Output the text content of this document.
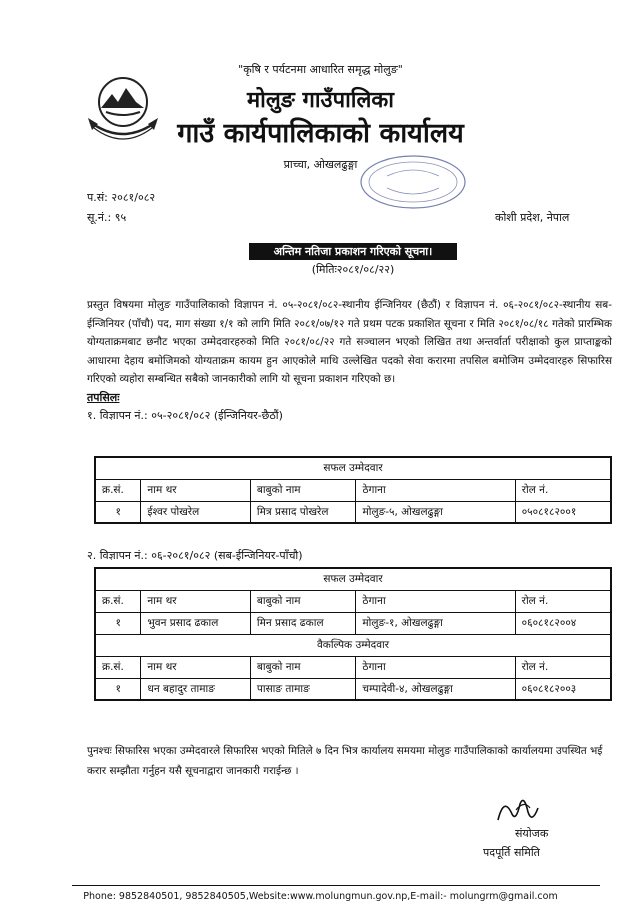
"कृषि र पर्यटनमा आधारित समृद्ध मोलुङ"
मोलुङ गाउँपालिका
गाउँ कार्यपालिकाको कार्यालय
प्राच्चा, ओखलढुङ्गा
प.सं: २०८१/०८२
सू.नं.: ९५	कोशी प्रदेश, नेपाल
अन्तिम नतिजा प्रकाशन गरिएको सूचना।
(मितिः२०८१/०८/२२)
प्रस्तुत विषयमा मोलुङ गाउँपालिकाको विज्ञापन नं. ०५-२०८१/०८२-स्थानीय ईन्जिनियर (छैठौं) र विज्ञापन नं. ०६-२०८१/०८२-स्थानीय सब-ईन्जिनियर (पाँचौ) पद, माग संख्या १/१ को लागि मिति २०८१/०७/१२ गते प्रथम पटक प्रकाशित सूचना र मिति २०८१/०८/१८ गतेको प्रारम्भिक योग्यताक्रमबाट छनौट भएका उम्मेदवारहरुको मिति २०८१/०८/२२ गते सञ्चालन भएको लिखित तथा अन्तर्वार्ता परीक्षाको कुल प्राप्ताङ्कको आधारमा देहाय बमोजिमको योग्यताक्रम कायम हुन आएकोले माथि उल्लेखित पदको सेवा करारमा तपसिल बमोजिम उम्मेदवारहरु सिफारिस गरिएको व्यहोरा सम्बन्धित सबैको जानकारीको लागि यो सूचना प्रकाशन गरिएको छ।
तपसिलः
१. विज्ञापन नं.: ०५-२०८१/०८२ (ईन्जिनियर-छैठौं)
सफल उम्मेदवार				
क्र.सं.	नाम थर	बाबुको नाम	ठेगाना	रोल नं.
१	ईश्वर पोखरेल	मित्र प्रसाद पोखरेल	मोलुङ-५, ओखलढुङ्गा	०५०८१८२००१
२. विज्ञापन नं.: ०६-२०८१/०८२ (सब-ईन्जिनियर-पाँचौ)
सफल उम्मेदवार				
क्र.सं.	नाम थर	बाबुको नाम	ठेगाना	रोल नं.
१	भुवन प्रसाद ढकाल	मिन प्रसाद ढकाल	मोलुङ-१, ओखलढुङ्गा	०६०८१८२००४
वैकल्पिक उम्मेदवार				
क्र.सं.	नाम थर	बाबुको नाम	ठेगाना	रोल नं.
१	धन बहादुर तामाङ	पासाङ तामाङ	चम्पादेवी-४, ओखलढुङ्गा	०६०८१८२००३
पुनश्चः सिफारिस भएका उम्मेदवारले सिफारिस भएको मितिले ७ दिन भित्र कार्यालय समयमा मोलुङ गाउँपालिकाको कार्यालयमा उपस्थित भई करार सम्झौता गर्नुहन यसै सूचनाद्वारा जानकारी गराईन्छ ।
संयोजक
पदपूर्ति समिति
Phone: 9852840501, 9852840505,Website:www.molungmun.gov.np,E-mail:- molungrm@gmail.com
